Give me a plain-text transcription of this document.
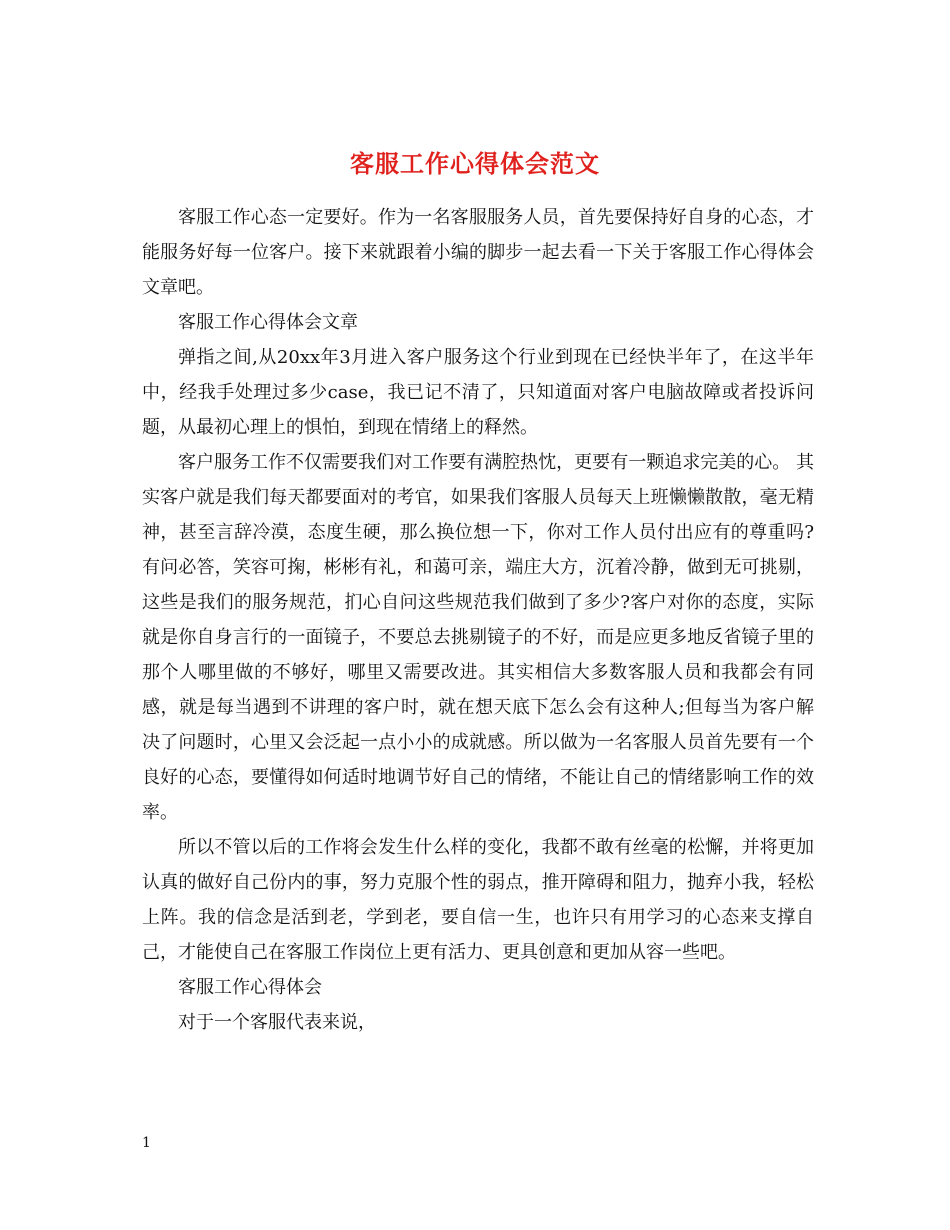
客服工作心得体会范文

客服工作心态一定要好。作为一名客服服务人员，首先要保持好自身的心态，才能服务好每一位客户。接下来就跟着小编的脚步一起去看一下关于客服工作心得体会文章吧。

客服工作心得体会文章

弹指之间,从20xx年3月进入客户服务这个行业到现在已经快半年了，在这半年中，经我手处理过多少case，我已记不清了，只知道面对客户电脑故障或者投诉问题，从最初心理上的惧怕，到现在情绪上的释然。

客户服务工作不仅需要我们对工作要有满腔热忱，更要有一颗追求完美的心。 其实客户就是我们每天都要面对的考官，如果我们客服人员每天上班懒懒散散，毫无精神，甚至言辞冷漠，态度生硬，那么换位想一下，你对工作人员付出应有的尊重吗? 有问必答，笑容可掬，彬彬有礼，和蔼可亲，端庄大方，沉着冷静，做到无可挑剔，这些是我们的服务规范，扪心自问这些规范我们做到了多少?客户对你的态度，实际就是你自身言行的一面镜子，不要总去挑剔镜子的不好，而是应更多地反省镜子里的那个人哪里做的不够好，哪里又需要改进。其实相信大多数客服人员和我都会有同感，就是每当遇到不讲理的客户时，就在想天底下怎么会有这种人;但每当为客户解决了问题时，心里又会泛起一点小小的成就感。所以做为一名客服人员首先要有一个良好的心态，要懂得如何适时地调节好自己的情绪，不能让自己的情绪影响工作的效率。

所以不管以后的工作将会发生什么样的变化，我都不敢有丝毫的松懈，并将更加认真的做好自己份内的事，努力克服个性的弱点，推开障碍和阻力，抛弃小我，轻松上阵。我的信念是活到老，学到老，要自信一生，也许只有用学习的心态来支撑自己，才能使自己在客服工作岗位上更有活力、更具创意和更加从容一些吧。

客服工作心得体会

对于一个客服代表来说，

1
